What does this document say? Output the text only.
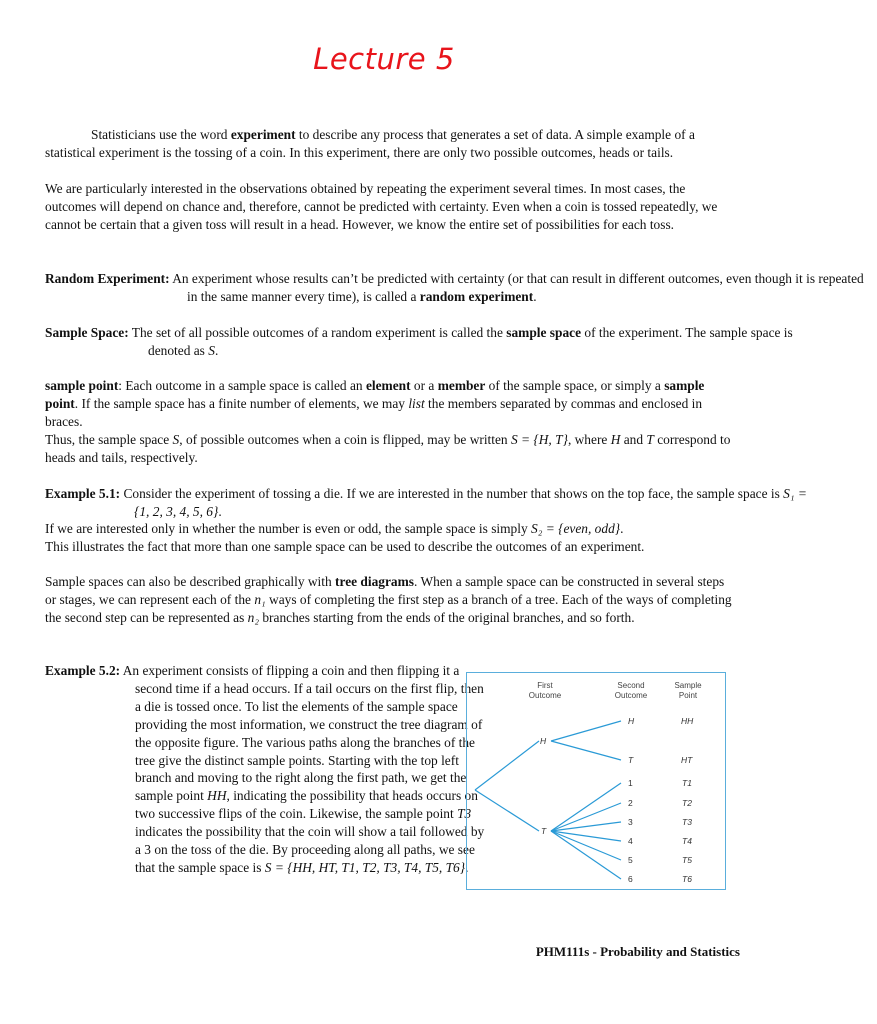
Lecture 5
Statisticians use the word experiment to describe any process that generates a set of data. A simple example of a statistical experiment is the tossing of a coin. In this experiment, there are only two possible outcomes, heads or tails.
We are particularly interested in the observations obtained by repeating the experiment several times. In most cases, the outcomes will depend on chance and, therefore, cannot be predicted with certainty. Even when a coin is tossed repeatedly, we cannot be certain that a given toss will result in a head. However, we know the entire set of possibilities for each toss.
Random Experiment: An experiment whose results can’t be predicted with certainty (or that can result in different outcomes, even though it is repeated in the same manner every time), is called a random experiment.
Sample Space: The set of all possible outcomes of a random experiment is called the sample space of the experiment. The sample space is denoted as S.
sample point: Each outcome in a sample space is called an element or a member of the sample space, or simply a sample point. If the sample space has a finite number of elements, we may list the members separated by commas and enclosed in braces.
Thus, the sample space S, of possible outcomes when a coin is flipped, may be written S = {H, T}, where H and T correspond to heads and tails, respectively.
Example 5.1: Consider the experiment of tossing a die. If we are interested in the number that shows on the top face, the sample space is S₁ = {1, 2, 3, 4, 5, 6}.
If we are interested only in whether the number is even or odd, the sample space is simply S₂ = {even, odd}.
This illustrates the fact that more than one sample space can be used to describe the outcomes of an experiment.
Sample spaces can also be described graphically with tree diagrams. When a sample space can be constructed in several steps or stages, we can represent each of the n₁ ways of completing the first step as a branch of a tree. Each of the ways of completing the second step can be represented as n₂ branches starting from the ends of the original branches, and so forth.
Example 5.2: An experiment consists of flipping a coin and then flipping it a second time if a head occurs. If a tail occurs on the first flip, then a die is tossed once. To list the elements of the sample space providing the most information, we construct the tree diagram of the opposite figure. The various paths along the branches of the tree give the distinct sample points. Starting with the top left branch and moving to the right along the first path, we get the sample point HH, indicating the possibility that heads occurs on two successive flips of the coin. Likewise, the sample point T3 indicates the possibility that the coin will show a tail followed by a 3 on the toss of the die. By proceeding along all paths, we see that the sample space is S = {HH, HT, T1, T2, T3, T4, T5, T6}.
First
Outcome
Second
Outcome
Sample
Point
H
T
H
T
1
2
3
4
5
6
HH
HT
T1
T2
T3
T4
T5
T6
PHM111s - Probability and Statistics
